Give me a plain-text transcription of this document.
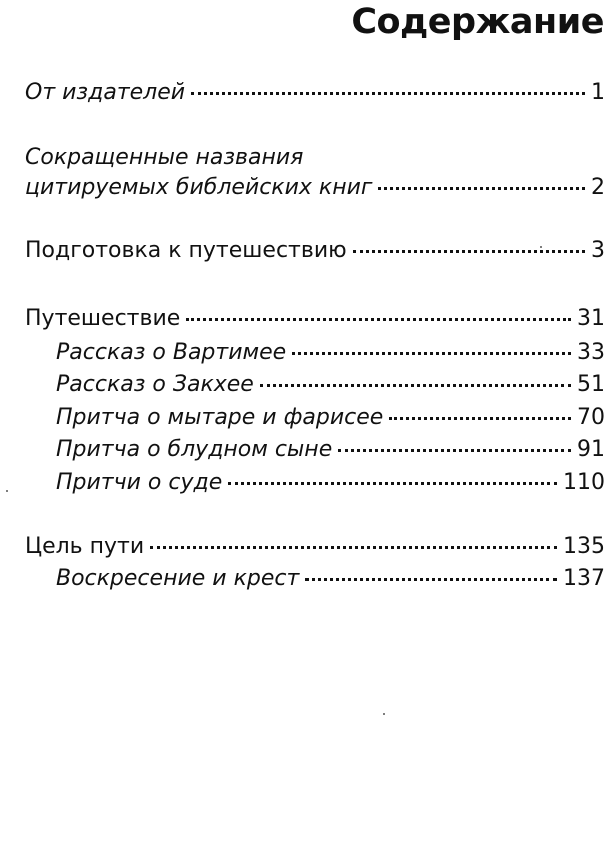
Содержание
От издателей	1
Сокращенные названия
цитируемых библейских книг	2
Подготовка к путешествию	3
Путешествие	31
Рассказ о Вартимее	33
Рассказ о Закхее	51
Притча о мытаре и фарисее	70
Притча о блудном сыне	91
Притчи о суде	110
Цель пути	135
Воскресение и крест	137
